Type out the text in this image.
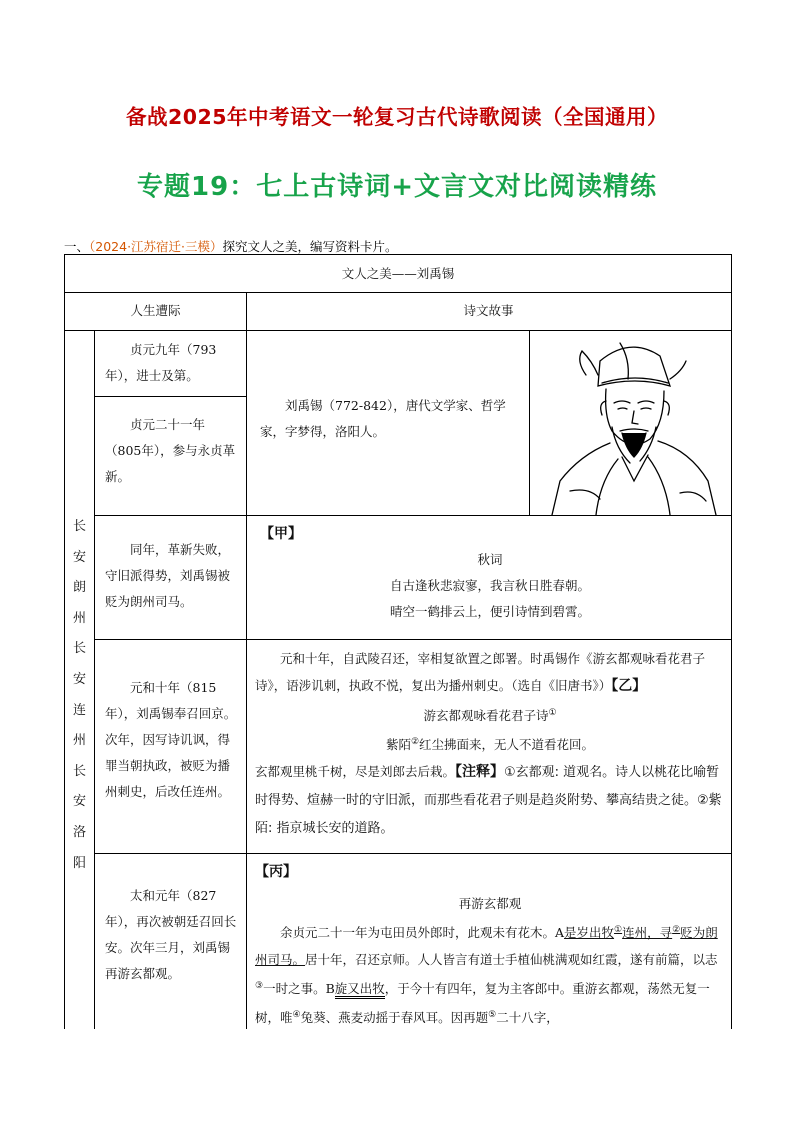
备战2025年中考语文一轮复习古代诗歌阅读（全国通用）
专题19：七上古诗词+文言文对比阅读精练
一、（2024·江苏宿迁·三模）探究文人之美，编写资料卡片。
文人之美——刘禹锡
人生遭际	诗文故事
长
安
朗
州
长
安
连
州
长
安
洛
阳
贞元九年（793年），进士及第。
贞元二十一年（805年），参与永贞革新。
同年，革新失败，守旧派得势，刘禹锡被贬为朗州司马。
元和十年（815年），刘禹锡奉召回京。次年，因写诗讥讽，得罪当朝执政，被贬为播州刺史，后改任连州。
太和元年（827年），再次被朝廷召回长安。次年三月，刘禹锡再游玄都观。
刘禹锡（772-842），唐代文学家、哲学家，字梦得，洛阳人。
【甲】
秋词
自古逢秋悲寂寥，我言秋日胜春朝。
晴空一鹤排云上，便引诗情到碧霄。
元和十年，自武陵召还，宰相复欲置之郎署。时禹锡作《游玄都观咏看花君子诗》，语涉讥刺，执政不悦，复出为播州刺史。（选自《旧唐书》）【乙】
游玄都观咏看花君子诗①
紫陌②红尘拂面来，无人不道看花回。
玄都观里桃千树，尽是刘郎去后栽。【注释】①玄都观: 道观名。诗人以桃花比喻暂时得势、煊赫一时的守旧派，而那些看花君子则是趋炎附势、攀高结贵之徒。②紫陌: 指京城长安的道路。
【丙】
再游玄都观
余贞元二十一年为屯田员外郎时，此观未有花木。A是岁出牧①连州，寻②贬为朗州司马。居十年，召还京师。人人皆言有道士手植仙桃满观如红霞，遂有前篇，以志③一时之事。B旋又出牧，于今十有四年，复为主客郎中。重游玄都观，荡然无复一树，唯④兔葵、燕麦动摇于春风耳。因再题⑤二十八字，
